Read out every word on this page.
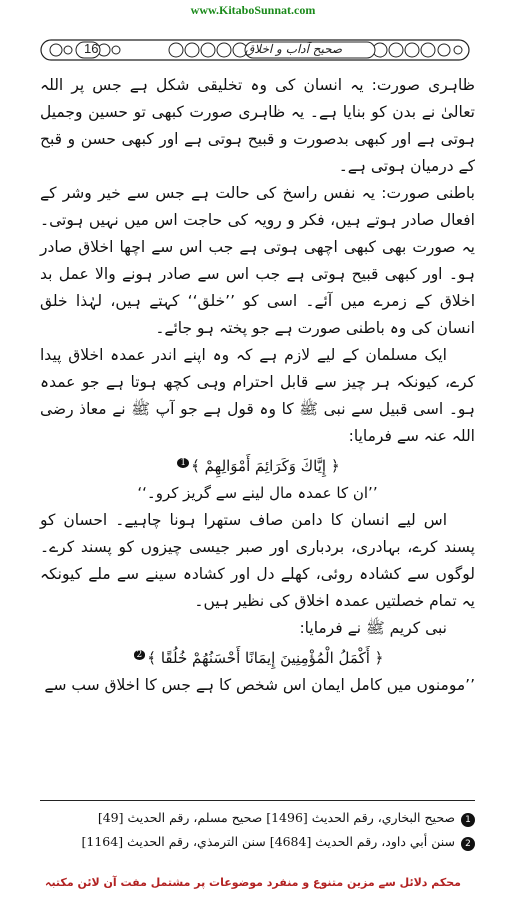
www.KitaboSunnat.com
16	صحیح آداب و اخلاق

ظاہری صورت: یہ انسان کی وہ تخلیقی شکل ہے جس پر اللہ تعالیٰ نے بدن کو بنایا ہے۔ یہ ظاہری صورت کبھی تو حسین وجمیل ہوتی ہے اور کبھی بدصورت و قبیح ہوتی ہے اور کبھی حسن و قبح کے درمیان ہوتی ہے۔

باطنی صورت: یہ نفس راسخ کی حالت ہے جس سے خیر وشر کے افعال صادر ہوتے ہیں، فکر و رویہ کی حاجت اس میں نہیں ہوتی۔ یہ صورت بھی کبھی اچھی ہوتی ہے جب اس سے اچھا اخلاق صادر ہو۔ اور کبھی قبیح ہوتی ہے جب اس سے صادر ہونے والا عمل بد اخلاق کے زمرے میں آئے۔ اسی کو ’’خلق‘‘ کہتے ہیں، لہٰذا خلق انسان کی وہ باطنی صورت ہے جو پختہ ہو جائے۔

ایک مسلمان کے لیے لازم ہے کہ وہ اپنے اندر عمدہ اخلاق پیدا کرے، کیونکہ ہر چیز سے قابل احترام وہی کچھ ہوتا ہے جو عمدہ ہو۔ اسی قبیل سے نبی ﷺ کا وہ قول ہے جو آپ ﷺ نے معاذ رضی اللہ عنہ سے فرمایا:

﴿ إِيَّاكَ وَكَرَائِمَ أَمْوَالِهِمْ ﴾$^1$

’’ان کا عمدہ مال لینے سے گریز کرو۔‘‘

اس لیے انسان کا دامن صاف ستھرا ہونا چاہیے۔ احسان کو پسند کرے، بہادری، بردباری اور صبر جیسی چیزوں کو پسند کرے۔ لوگوں سے کشادہ روئی، کھلے دل اور کشادہ سینے سے ملے کیونکہ یہ تمام خصلتیں عمدہ اخلاق کی نظیر ہیں۔

نبی کریم ﷺ نے فرمایا:

﴿ أَكْمَلُ الْمُؤْمِنِينَ إِيمَانًا أَحْسَنُهُمْ خُلُقًا ﴾$^2$

’’مومنوں میں کامل ایمان اس شخص کا ہے جس کا اخلاق سب سے

1صحيح البخاري، رقم الحديث [1496] صحيح مسلم، رقم الحديث [49]
2سنن أبي داود، رقم الحديث [4684] سنن الترمذي، رقم الحديث [1164]
محکم دلائل سے مزین متنوع و منفرد موضوعات پر مشتمل مفت آن لائن مکتبہ
